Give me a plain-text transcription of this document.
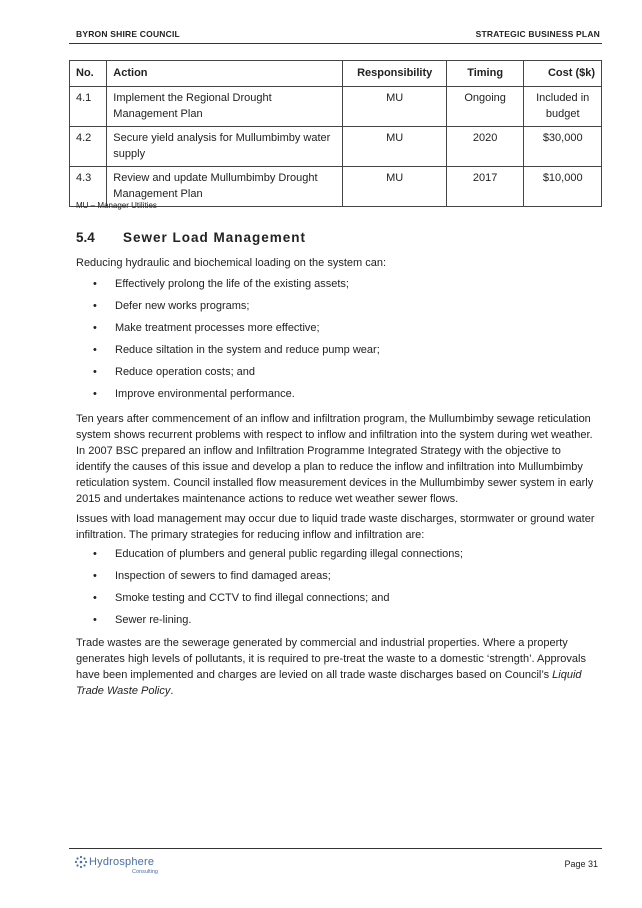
BYRON SHIRE COUNCIL	STRATEGIC BUSINESS PLAN
No.	Action	Responsibility	Timing	Cost ($k)
4.1	Implement the Regional Drought Management Plan	MU	Ongoing	Included in budget
4.2	Secure yield analysis for Mullumbimby water supply	MU	2020	$30,000
4.3	Review and update Mullumbimby Drought Management Plan	MU	2017	$10,000
MU – Manager Utilities
5.4 Sewer Load Management
Reducing hydraulic and biochemical loading on the system can:
• Effectively prolong the life of the existing assets;
• Defer new works programs;
• Make treatment processes more effective;
• Reduce siltation in the system and reduce pump wear;
• Reduce operation costs; and
• Improve environmental performance.

Ten years after commencement of an inflow and infiltration program, the Mullumbimby sewage reticulation system shows recurrent problems with respect to inflow and infiltration into the system during wet weather. In 2007 BSC prepared an inflow and Infiltration Programme Integrated Strategy with the objective to identify the causes of this issue and develop a plan to reduce the inflow and infiltration into Mullumbimby reticulation system. Council installed flow measurement devices in the Mullumbimby sewer system in early 2015 and undertakes maintenance actions to reduce wet weather sewer flows.

Issues with load management may occur due to liquid trade waste discharges, stormwater or ground water infiltration. The primary strategies for reducing inflow and infiltration are:

• Education of plumbers and general public regarding illegal connections;
• Inspection of sewers to find damaged areas;
• Smoke testing and CCTV to find illegal connections; and
• Sewer re-lining.

Trade wastes are the sewerage generated by commercial and industrial properties. Where a property generates high levels of pollutants, it is required to pre-treat the waste to a domestic ‘strength’. Approvals have been implemented and charges are levied on all trade waste discharges based on Council’s Liquid Trade Waste Policy.

Hydrosphere
Consulting
Page 31
